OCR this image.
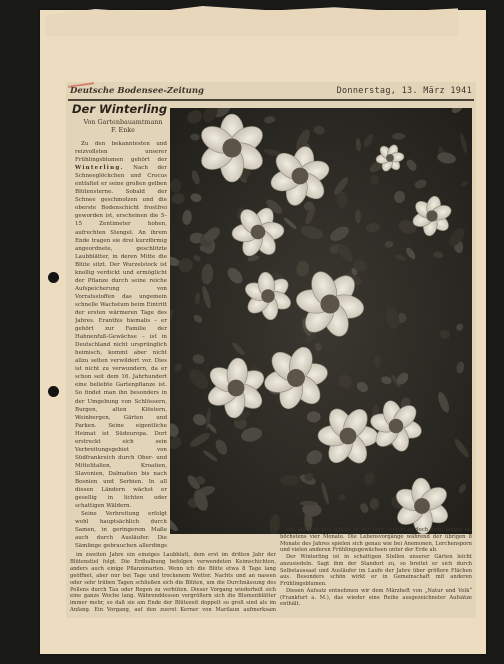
Deutsche Bodensee-Zeitung	Donnerstag, 13. März 1941
Der Winterling
Von Gartenbauamtmann
F. Enke

Zu den bekanntesten und reizvollsten unserer Frühlingsblumen gehört der Winterling. Nach der Schneeglöckchen und Crocus entfaltet er seine großen gelben Blütensterne. Sobald der Schnee geschmolzen und die oberste Bodenschicht frostfrei geworden ist, erscheinen die 5–15 Zentimeter hohen, aufrechten Stengel. An ihrem Ende tragen sie drei kurzförmig angeordnete, geschlitzte Laubblätter, in deren Mitte die Blüte sitzt. Der Wurzelstock ist knollig verdickt und ermöglicht der Pflanze durch seine reiche Aufspeicherung von Vorratsstoffen das ungemein schnelle Wachstum beim Eintritt der ersten wärmeren Tage des Jahres. Eranthis hiemalis – er gehört zur Familie der Hahnenfuß-Gewächse – ist in Deutschland nicht ursprünglich heimisch, kommt aber nicht allzu selten verwildert vor. Dies ist nicht zu verwundern, da er schon seit dem 16. Jahrhundert eine beliebte Gartenpflanze ist. So findet man ihn besonders in der Umgebung von Schlössern, Burgen, alten Klöstern, Weinbergen, Gärten und Parken. Seine eigentliche Heimat ist Südeuropa. Dort erstreckt sich sein Verbreitungsgebiet von Südfrankreich durch Ober- und Mittelitalien, Kroatien, Slavonien, Dalmatien bis nach Bosnien und Serbien. In all diesen Ländern wächst er gesellig in lichten oder schattigen Wäldern.

Seine Verbreitung erfolgt wohl hauptsächlich durch Samen, in geringerem Maße auch durch Ausläufer. Die Sämlinge gebrauchen allerdings

im zweiten Jahre ein einziges Laubblatt, dem erst im dritten Jahr der Blütenstiel folgt. Die Erdhalbung befolgen verwendeten Keimschichten, anders auch einige Pflanzenarten. Wenn ich die Blüte etwa 8 Tage lang geöffnet, aber nur bei Tage und trockenem Wetter. Nachts und an nassen oder sehr trüben Tagen schließen sich die Blüten, um die Durchnässung des Pollens durch Tau oder Regen zu verhüten. Dieser Vorgang wiederholt sich eine ganze Woche lang. Währenddessen vergrößern sich die Blumenblätter immer mehr, so daß sie am Ende der Blütezeit doppelt so groß sind als im Anfang. Ein Vorgang, auf den zuerst Kerner von Marilaun aufmerksam

von Blättern und Blüten ist nur kurz, dauert es doch nicht länger als höchstens vier Monate. Die Lebensvorgänge während der übrigen 8 Monate des Jahres spielen sich genau wie bei Anemonen, Lerchensporn und vielen anderen Frühlingsgewächsen unter der Erde ab.

Der Winterling ist in schattigen Stellen unserer Gärten leicht anzusiedeln. Sagt ihm der Standort zu, so breitet er sich durch Selbstaussaat und Ausläufer im Laufe der Jahre über größere Flächen aus. Besonders schön wirkt er in Gemeinschaft mit anderen Frühlingsblumen.

Diesen Aufsatz entnehmen wir dem Märzheft von „Natur und Volk“ (Frankfurt a. M.), das wieder eine Reihe ausgezeichneter Aufsätze enthält.
